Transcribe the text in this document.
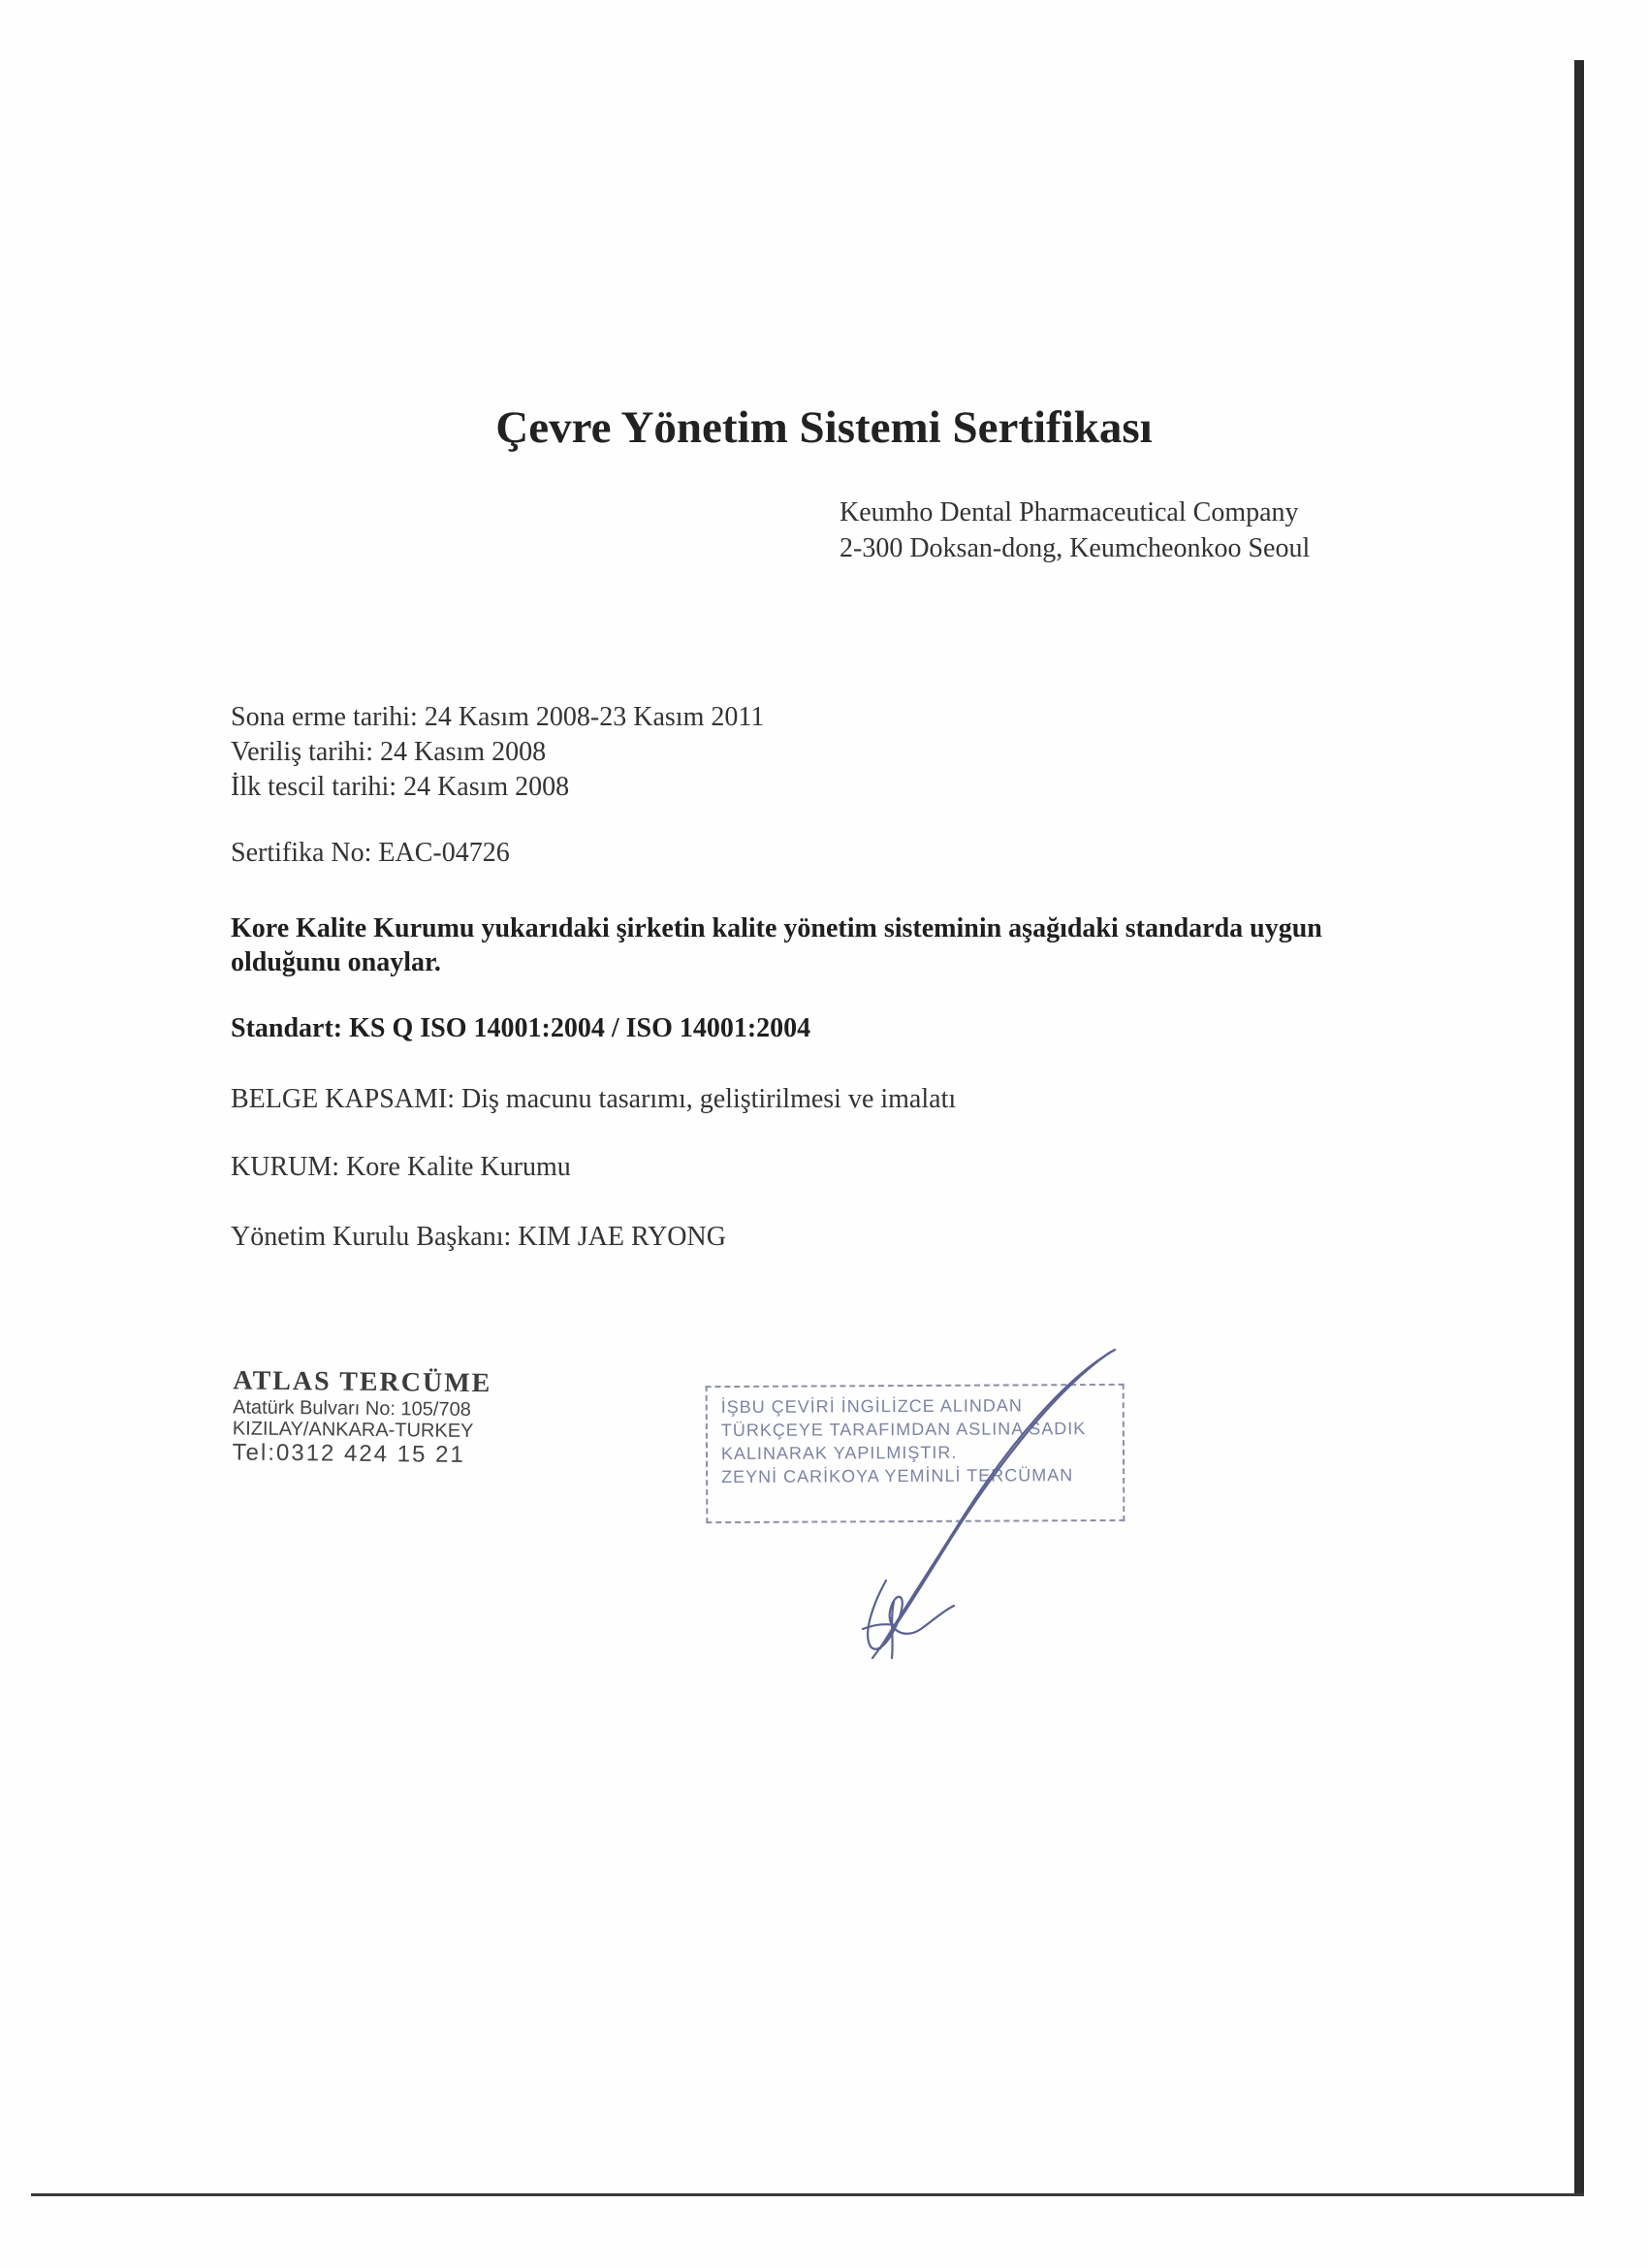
Çevre Yönetim Sistemi Sertifikası
Keumho Dental Pharmaceutical Company
2-300 Doksan-dong, Keumcheonkoo Seoul
Sona erme tarihi: 24 Kasım 2008-23 Kasım 2011
Veriliş tarihi: 24 Kasım 2008
İlk tescil tarihi: 24 Kasım 2008
Sertifika No: EAC-04726
Kore Kalite Kurumu yukarıdaki şirketin kalite yönetim sisteminin aşağıdaki standarda uygun olduğunu onaylar.
Standart: KS Q ISO 14001:2004 / ISO 14001:2004
BELGE KAPSAMI: Diş macunu tasarımı, geliştirilmesi ve imalatı
KURUM: Kore Kalite Kurumu
Yönetim Kurulu Başkanı: KIM JAE RYONG
ATLAS TERCÜME
Atatürk Bulvarı No: 105/708
KIZILAY/ANKARA-TURKEY
Tel:0312 424 15 21
İŞBU ÇEVİRİ İNGİLİZCE ALINDAN
TÜRKÇEYE TARAFIMDAN ASLINA SADIK
KALINARAK YAPILMIŞTIR.
ZEYNİ CARİKOYA YEMİNLİ TERCÜMAN
